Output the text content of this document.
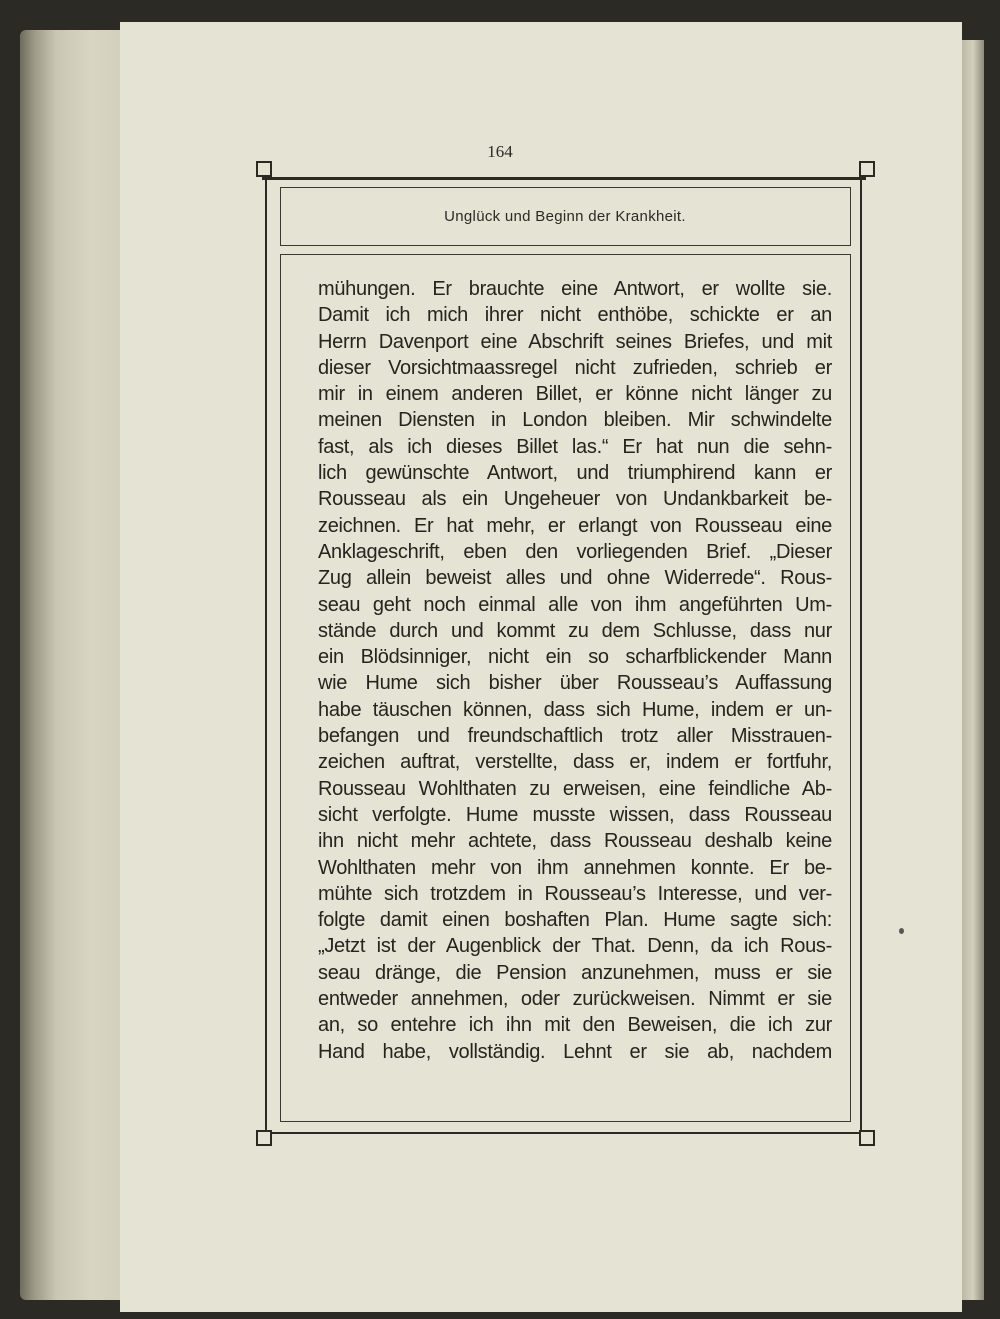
164
Unglück und Beginn der Krankheit.
mühungen. Er brauchte eine Antwort, er wollte sie.
Damit ich mich ihrer nicht enthöbe, schickte er an
Herrn Davenport eine Abschrift seines Briefes, und mit
dieser Vorsichtmaassregel nicht zufrieden, schrieb er
mir in einem anderen Billet, er könne nicht länger zu
meinen Diensten in London bleiben. Mir schwindelte
fast, als ich dieses Billet las.“ Er hat nun die sehn-
lich gewünschte Antwort, und triumphirend kann er
Rousseau als ein Ungeheuer von Undankbarkeit be-
zeichnen. Er hat mehr, er erlangt von Rousseau eine
Anklageschrift, eben den vorliegenden Brief. „Dieser
Zug allein beweist alles und ohne Widerrede“. Rous-
seau geht noch einmal alle von ihm angeführten Um-
stände durch und kommt zu dem Schlusse, dass nur
ein Blödsinniger, nicht ein so scharfblickender Mann
wie Hume sich bisher über Rousseau’s Auffassung
habe täuschen können, dass sich Hume, indem er un-
befangen und freundschaftlich trotz aller Misstrauen-
zeichen auftrat, verstellte, dass er, indem er fortfuhr,
Rousseau Wohlthaten zu erweisen, eine feindliche Ab-
sicht verfolgte. Hume musste wissen, dass Rousseau
ihn nicht mehr achtete, dass Rousseau deshalb keine
Wohlthaten mehr von ihm annehmen konnte. Er be-
mühte sich trotzdem in Rousseau’s Interesse, und ver-
folgte damit einen boshaften Plan. Hume sagte sich:
„Jetzt ist der Augenblick der That. Denn, da ich Rous-
seau dränge, die Pension anzunehmen, muss er sie
entweder annehmen, oder zurückweisen. Nimmt er sie
an, so entehre ich ihn mit den Beweisen, die ich zur
Hand habe, vollständig. Lehnt er sie ab, nachdem
